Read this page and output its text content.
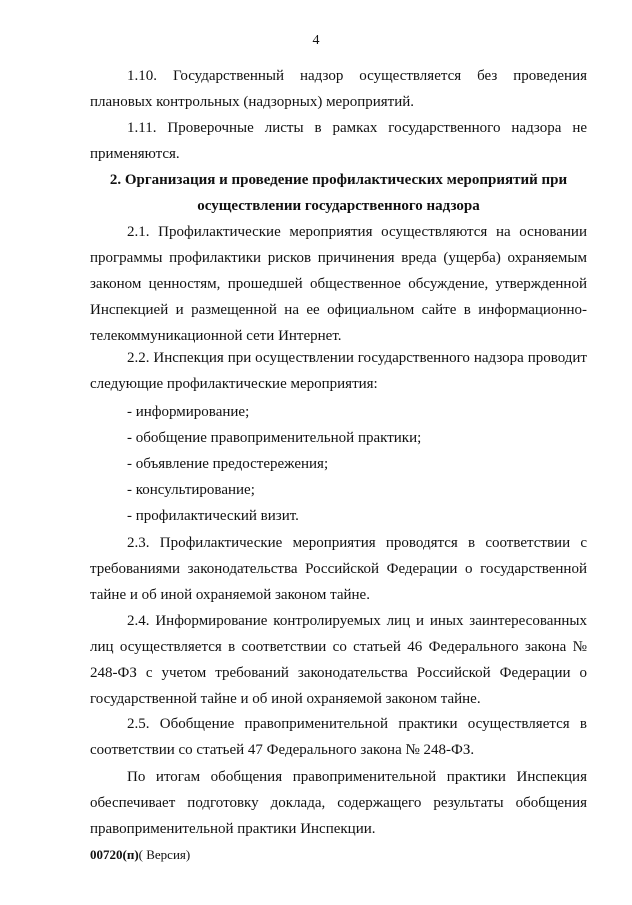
4
1.10. Государственный надзор осуществляется без проведения плановых контрольных (надзорных) мероприятий.
1.11. Проверочные листы в рамках государственного надзора не применяются.
2. Организация и проведение профилактических мероприятий при
осуществлении государственного надзора
2.1. Профилактические мероприятия осуществляются на основании программы профилактики рисков причинения вреда (ущерба) охраняемым законом ценностям, прошедшей общественное обсуждение, утвержденной Инспекцией и размещенной на ее официальном сайте в информационно-телекоммуникационной сети Интернет.
2.2. Инспекция при осуществлении государственного надзора проводит следующие профилактические мероприятия:
- информирование;
- обобщение правоприменительной практики;
- объявление предостережения;
- консультирование;
- профилактический визит.
2.3. Профилактические мероприятия проводятся в соответствии с требованиями законодательства Российской Федерации о государственной тайне и об иной охраняемой законом тайне.
2.4. Информирование контролируемых лиц и иных заинтересованных лиц осуществляется в соответствии со статьей 46 Федерального закона № 248-ФЗ с учетом требований законодательства Российской Федерации о государственной тайне и об иной охраняемой законом тайне.
2.5. Обобщение правоприменительной практики осуществляется в соответствии со статьей 47 Федерального закона № 248-ФЗ.
По итогам обобщения правоприменительной практики Инспекция обеспечивает подготовку доклада, содержащего результаты обобщения правоприменительной практики Инспекции.
00720(п)( Версия)
